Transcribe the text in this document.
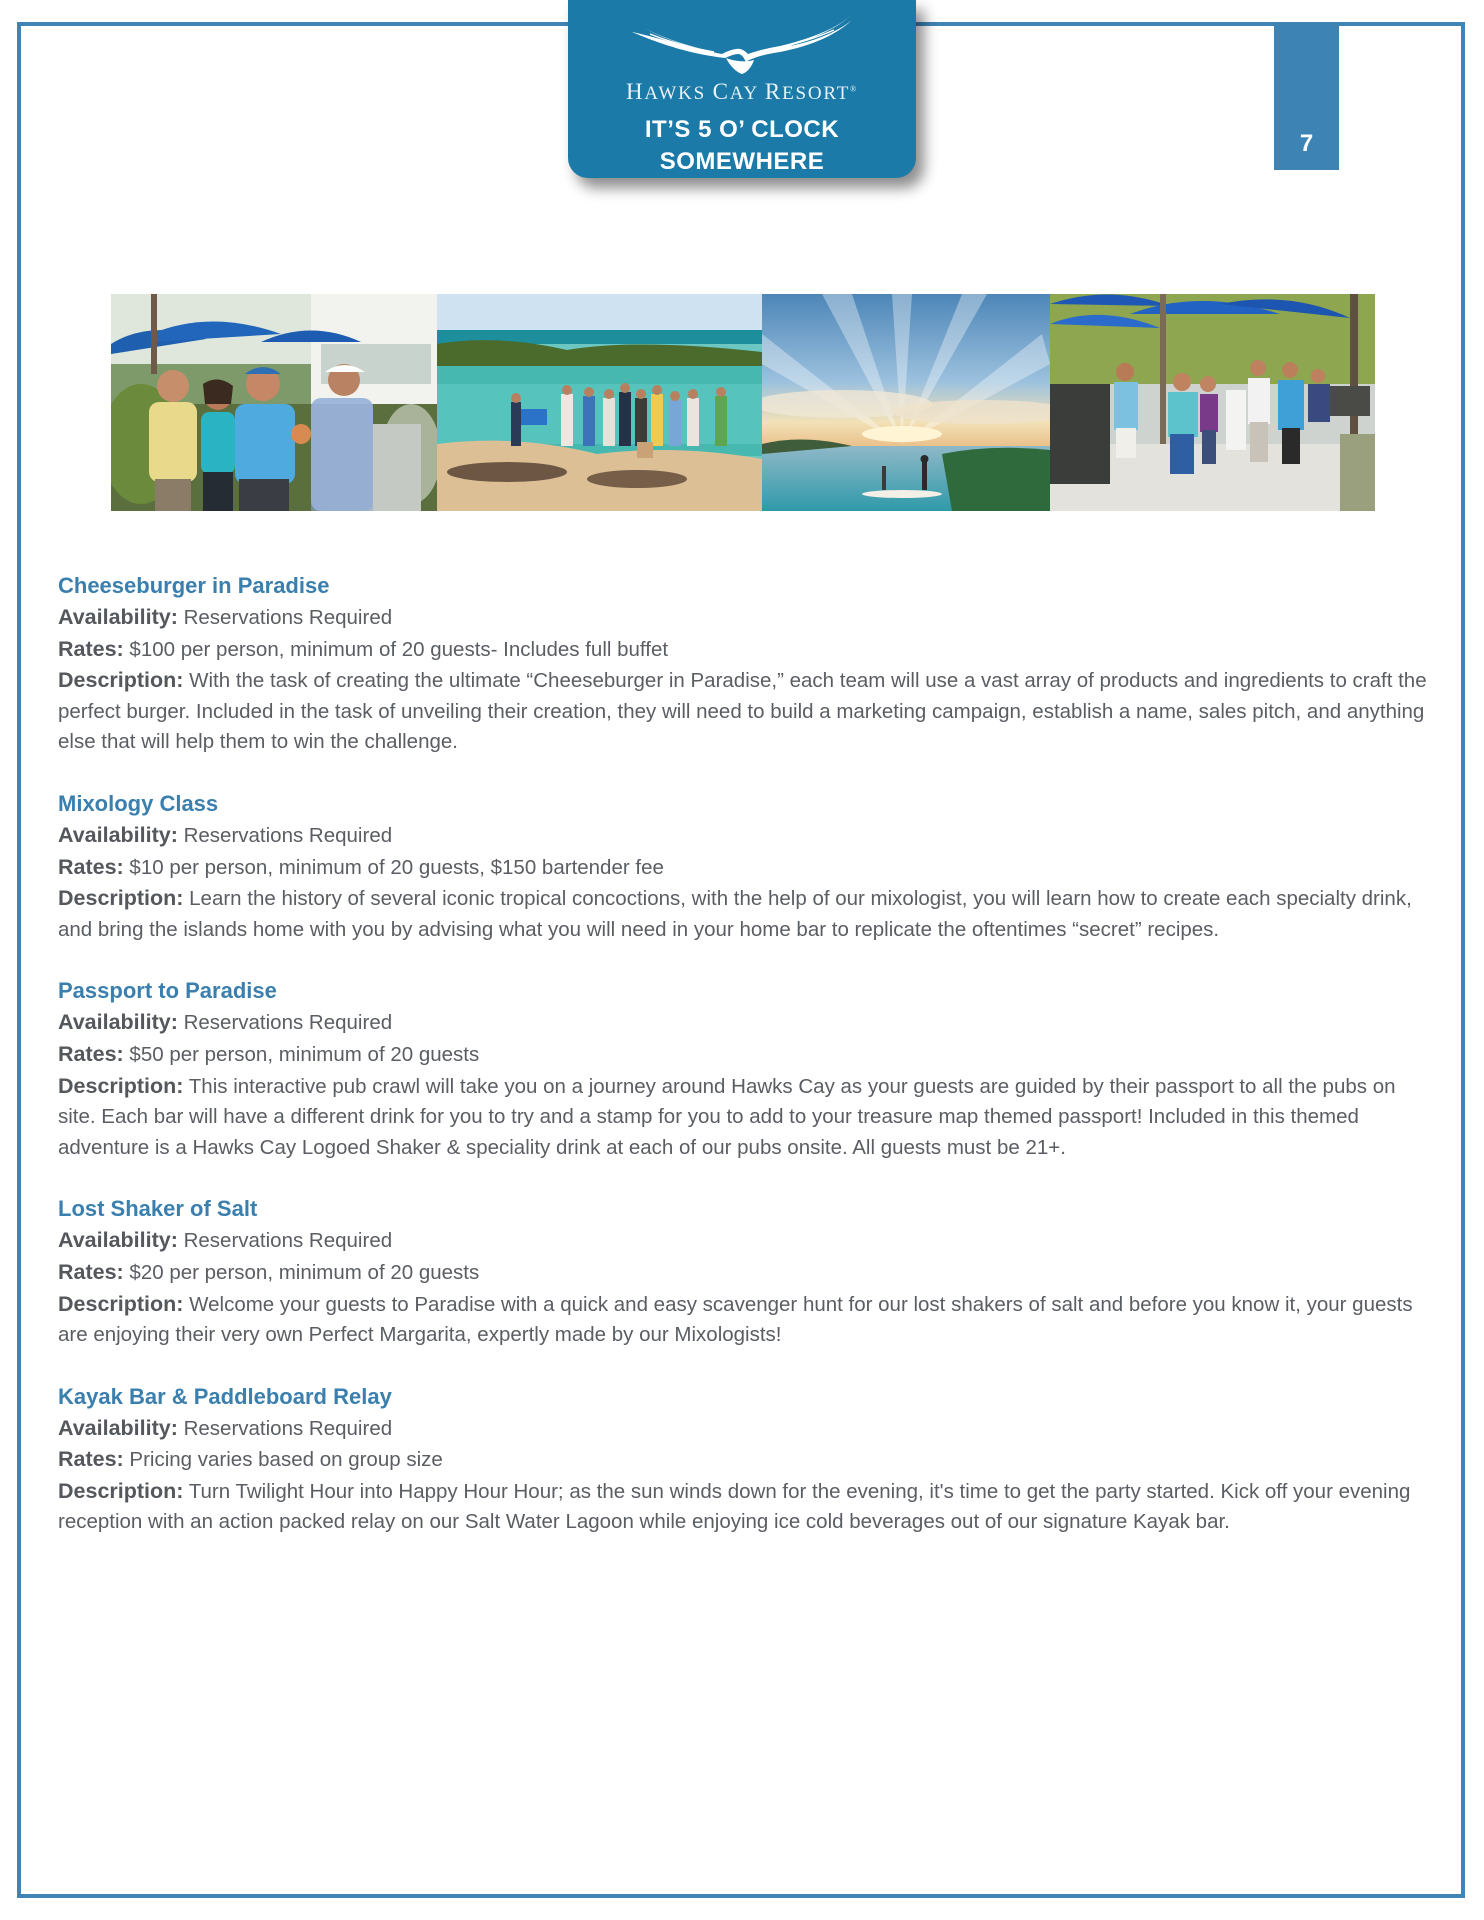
HAWKS CAY RESORT®
IT’S 5 O’ CLOCK
SOMEWHERE
7
Cheeseburger in Paradise

Availability: Reservations Required

Rates: $100 per person, minimum of 20 guests- Includes full buffet

Description: With the task of creating the ultimate “Cheeseburger in Paradise,” each team will use a vast array of products and ingredients to craft the perfect burger. Included in the task of unveiling their creation, they will need to build a marketing campaign, establish a name, sales pitch, and anything else that will help them to win the challenge.

Mixology Class

Availability: Reservations Required

Rates: $10 per person, minimum of 20 guests, $150 bartender fee

Description: Learn the history of several iconic tropical concoctions, with the help of our mixologist, you will learn how to create each specialty drink, and bring the islands home with you by advising what you will need in your home bar to replicate the oftentimes “secret” recipes.

Passport to Paradise

Availability: Reservations Required

Rates: $50 per person, minimum of 20 guests

Description: This interactive pub crawl will take you on a journey around Hawks Cay as your guests are guided by their passport to all the pubs on site. Each bar will have a different drink for you to try and a stamp for you to add to your treasure map themed passport! Included in this themed adventure is a Hawks Cay Logoed Shaker & speciality drink at each of our pubs onsite. All guests must be 21+.

Lost Shaker of Salt

Availability: Reservations Required

Rates: $20 per person, minimum of 20 guests

Description: Welcome your guests to Paradise with a quick and easy scavenger hunt for our lost shakers of salt and before you know it, your guests are enjoying their very own Perfect Margarita, expertly made by our Mixologists!

Kayak Bar & Paddleboard Relay

Availability: Reservations Required

Rates: Pricing varies based on group size

Description: Turn Twilight Hour into Happy Hour Hour; as the sun winds down for the evening, it's time to get the party started. Kick off your evening reception with an action packed relay on our Salt Water Lagoon while enjoying ice cold beverages out of our signature Kayak bar.
